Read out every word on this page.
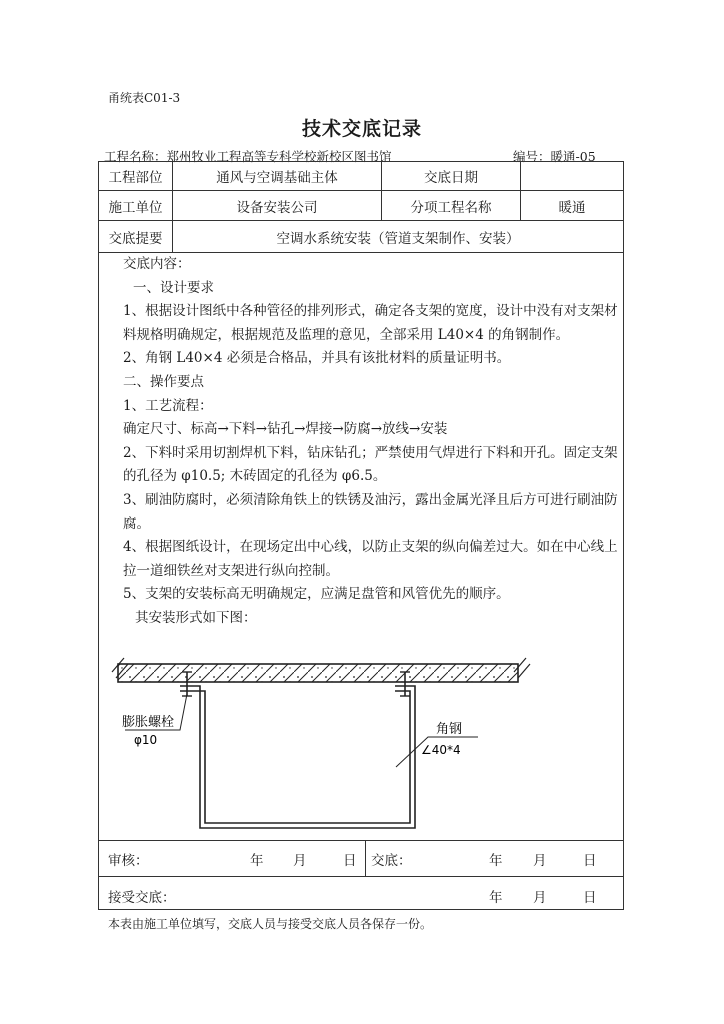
甬统表C01-3
技术交底记录
工程名称：郑州牧业工程高等专科学校新校区图书馆	编号：暖通-05
工程部位	通风与空调基础主体	交底日期
施工单位	设备安装公司	分项工程名称	暖通
交底提要	空调水系统安装（管道支架制作、安装）

交底内容：

一、设计要求

1、根据设计图纸中各种管径的排列形式，确定各支架的宽度，设计中没有对支架材料规格明确规定，根据规范及监理的意见，全部采用 L40×4 的角钢制作。

2、角钢 L40×4 必须是合格品，并具有该批材料的质量证明书。

二、操作要点

1、工艺流程：

确定尺寸、标高→下料→钻孔→焊接→防腐→放线→安装

2、下料时采用切割焊机下料，钻床钻孔；严禁使用气焊进行下料和开孔。固定支架的孔径为 φ10.5; 木砖固定的孔径为 φ6.5。

3、刷油防腐时，必须清除角铁上的铁锈及油污，露出金属光泽且后方可进行刷油防腐。

4、根据图纸设计，在现场定出中心线，以防止支架的纵向偏差过大。如在中心线上拉一道细铁丝对支架进行纵向控制。

5、支架的安装标高无明确规定，应满足盘管和风管优先的顺序。

其安装形式如下图：

膨胀螺栓
φ10
角钢
∠40*4
审核：	年 月	日 交底：	年 月	日
接受交底：	年 月	日
本表由施工单位填写，交底人员与接受交底人员各保存一份。
